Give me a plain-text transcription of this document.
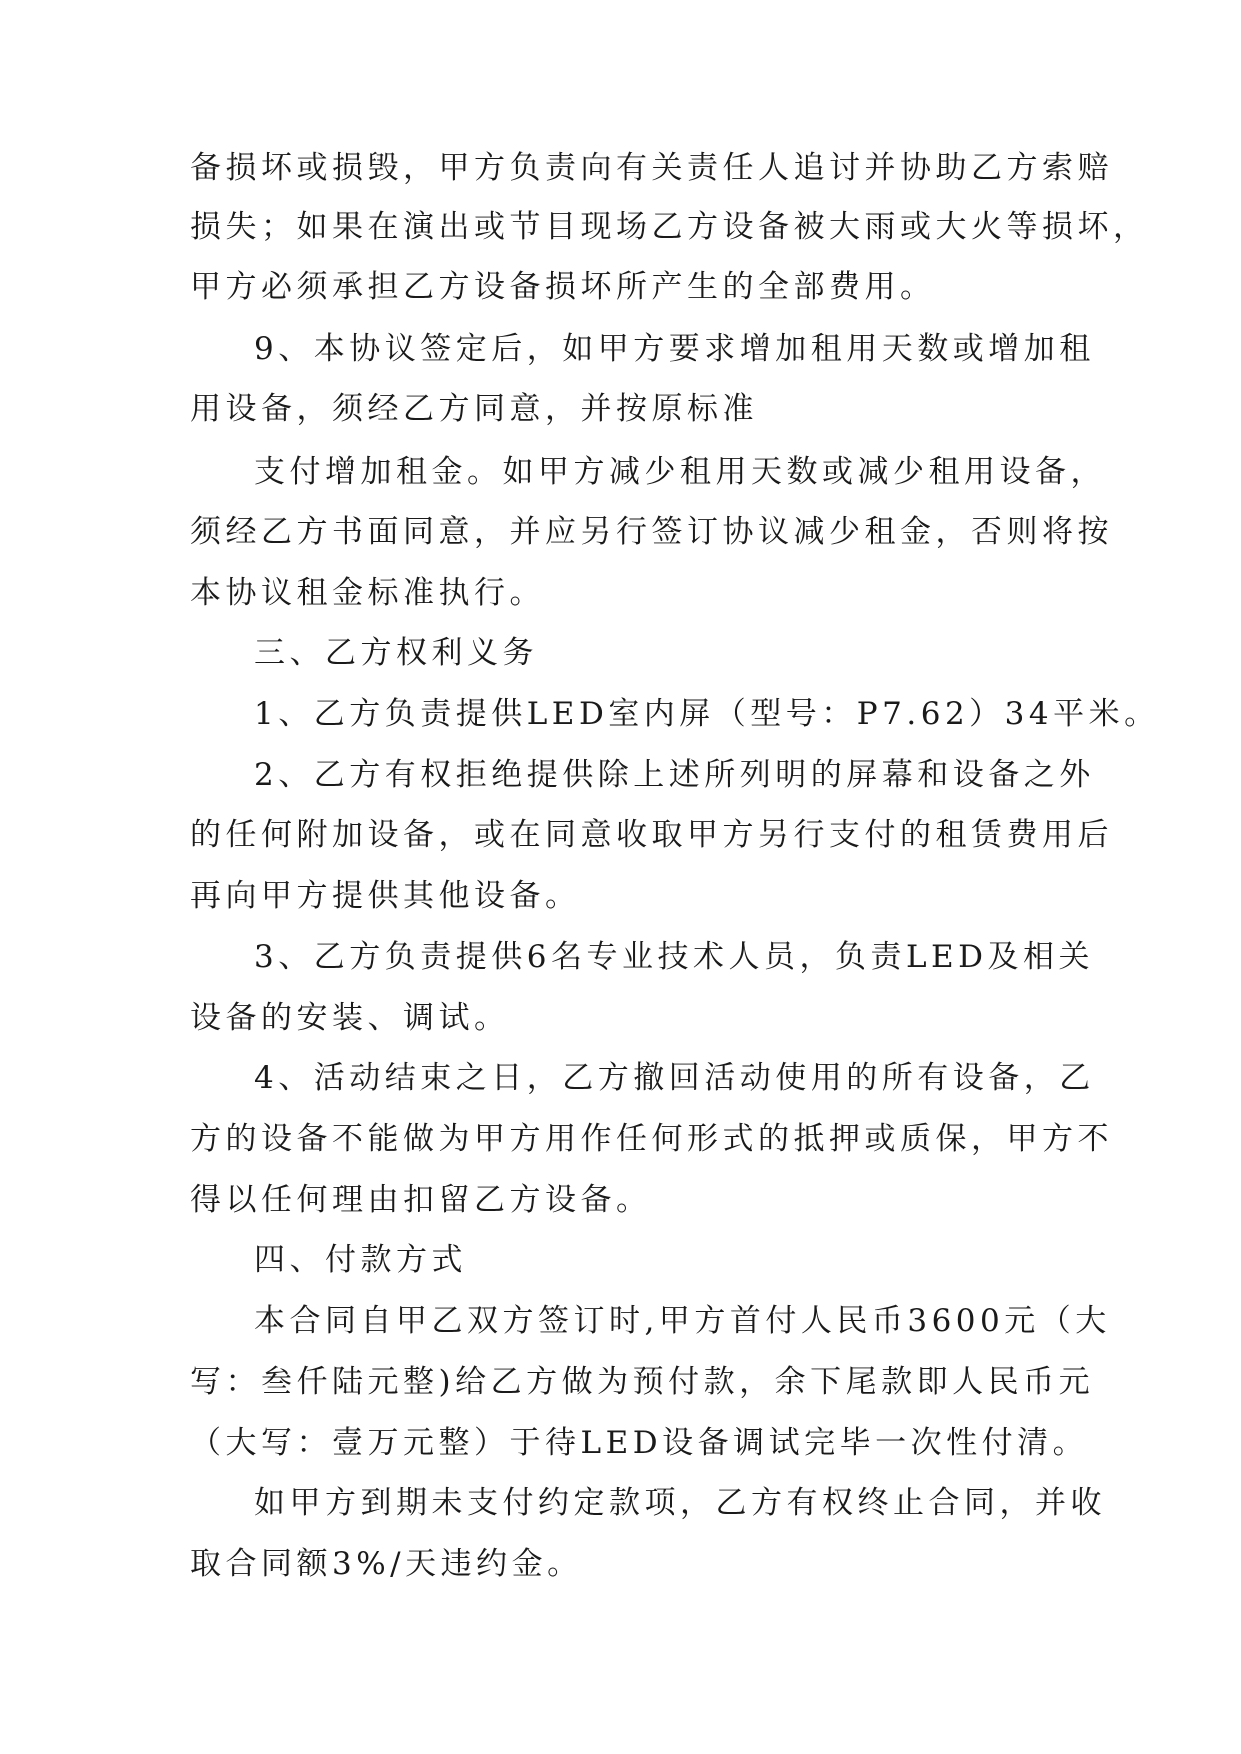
备损坏或损毁，甲方负责向有关责任人追讨并协助乙方索赔
损失；如果在演出或节目现场乙方设备被大雨或大火等损坏，
甲方必须承担乙方设备损坏所产生的全部费用。
9、本协议签定后，如甲方要求增加租用天数或增加租
用设备，须经乙方同意，并按原标准
支付增加租金。如甲方减少租用天数或减少租用设备，
须经乙方书面同意，并应另行签订协议减少租金，否则将按
本协议租金标准执行。
三、乙方权利义务
1、乙方负责提供LED室内屏（型号：P7.62）34平米。
2、乙方有权拒绝提供除上述所列明的屏幕和设备之外
的任何附加设备，或在同意收取甲方另行支付的租赁费用后
再向甲方提供其他设备。
3、乙方负责提供6名专业技术人员，负责LED及相关
设备的安装、调试。
4、活动结束之日，乙方撤回活动使用的所有设备，乙
方的设备不能做为甲方用作任何形式的抵押或质保，甲方不
得以任何理由扣留乙方设备。
四、付款方式
本合同自甲乙双方签订时,甲方首付人民币3600元（大
写：叁仟陆元整)给乙方做为预付款，余下尾款即人民币元
（大写：壹万元整）于待LED设备调试完毕一次性付清。
如甲方到期未支付约定款项，乙方有权终止合同，并收
取合同额3%/天违约金。
